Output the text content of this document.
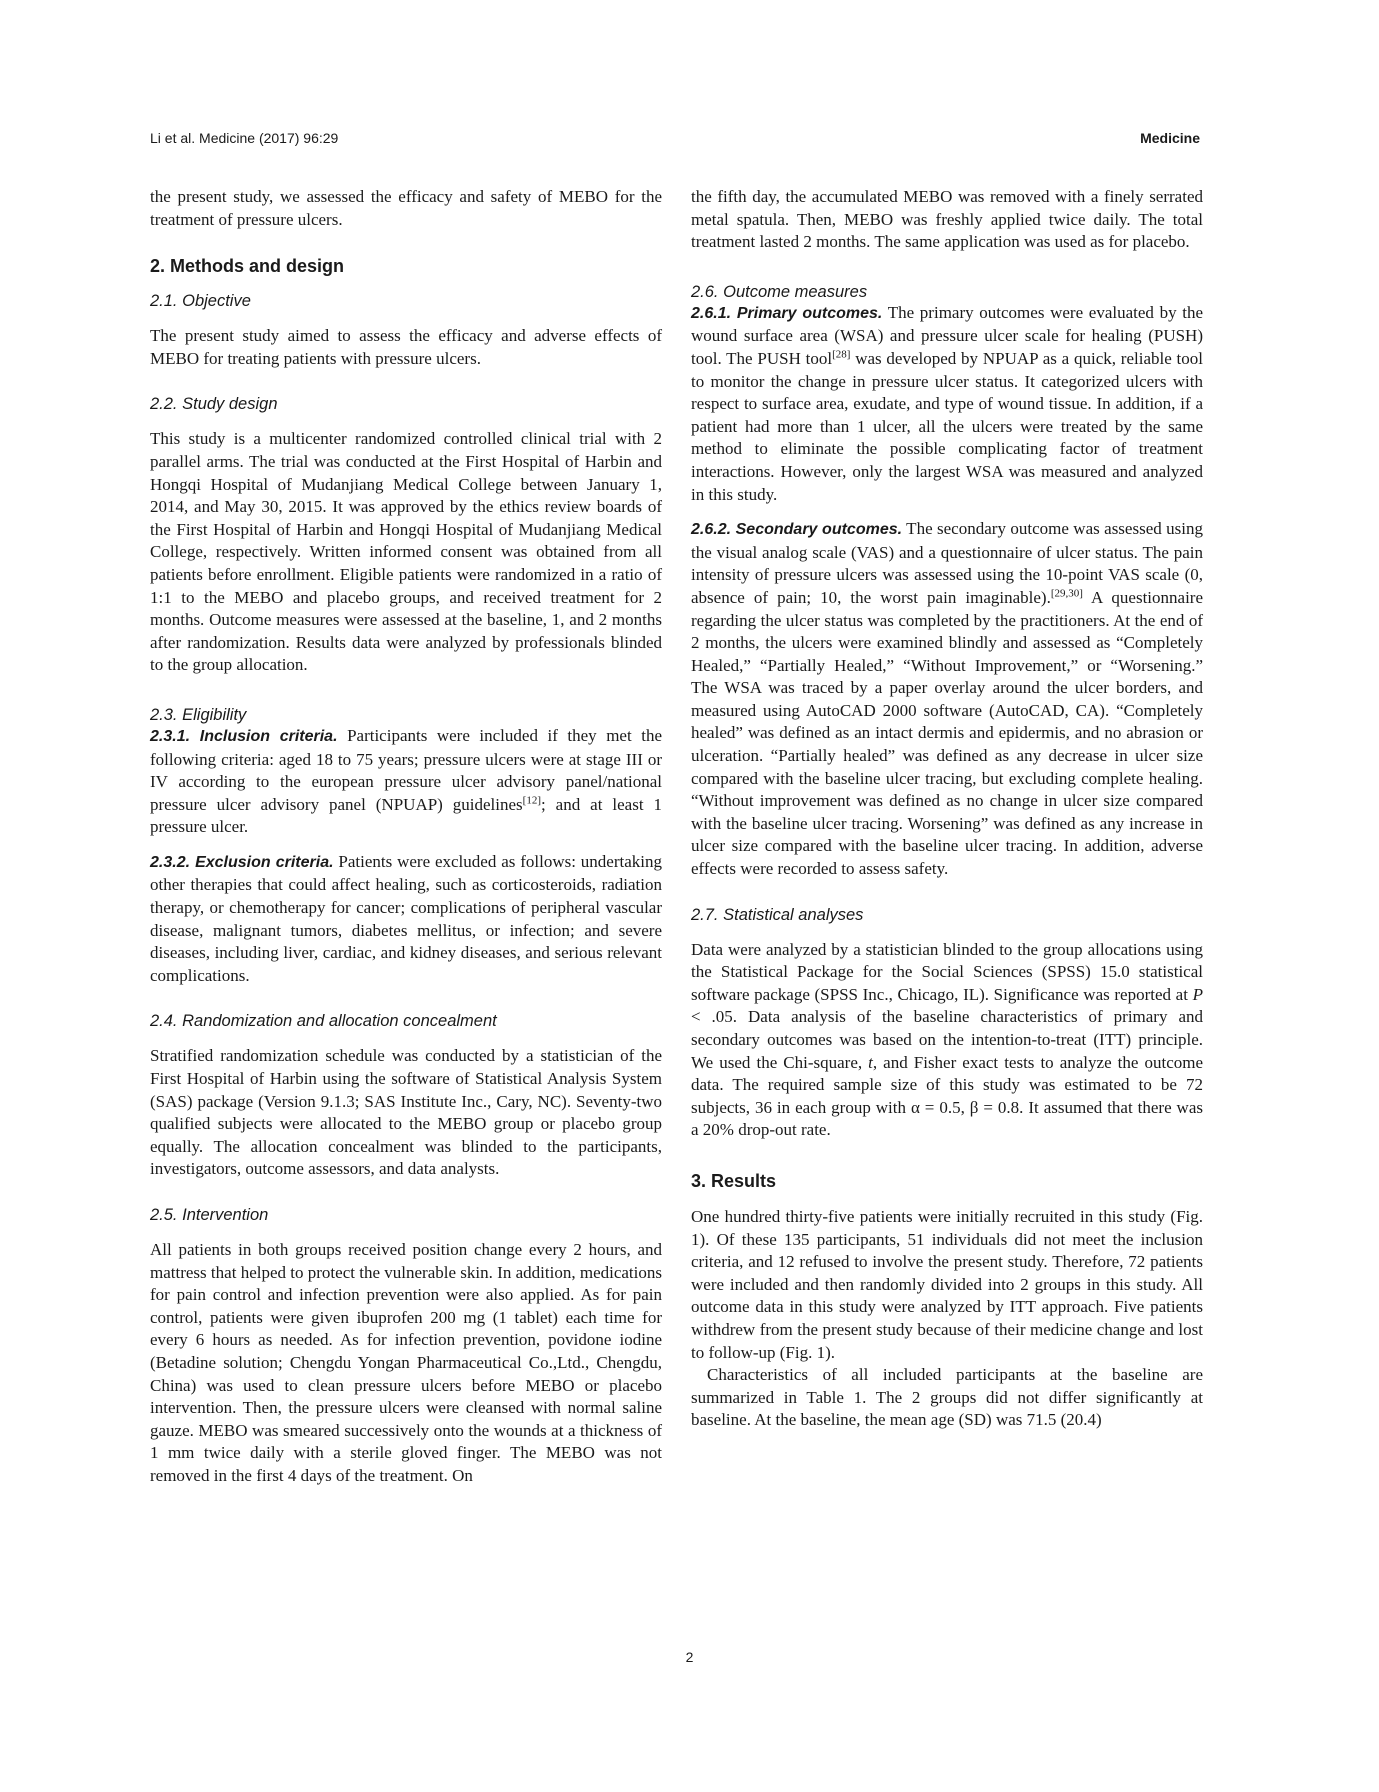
Li et al. Medicine (2017) 96:29	Medicine

the present study, we assessed the efficacy and safety of MEBO for the treatment of pressure ulcers.

2. Methods and design
2.1. Objective

The present study aimed to assess the efficacy and adverse effects of MEBO for treating patients with pressure ulcers.

2.2. Study design

This study is a multicenter randomized controlled clinical trial with 2 parallel arms. The trial was conducted at the First Hospital of Harbin and Hongqi Hospital of Mudanjiang Medical College between January 1, 2014, and May 30, 2015. It was approved by the ethics review boards of the First Hospital of Harbin and Hongqi Hospital of Mudanjiang Medical College, respectively. Written informed consent was obtained from all patients before enrollment. Eligible patients were randomized in a ratio of 1:1 to the MEBO and placebo groups, and received treatment for 2 months. Outcome measures were assessed at the baseline, 1, and 2 months after randomization. Results data were analyzed by professionals blinded to the group allocation.

2.3. Eligibility

2.3.1. Inclusion criteria. Participants were included if they met the following criteria: aged 18 to 75 years; pressure ulcers were at stage III or IV according to the european pressure ulcer advisory panel/national pressure ulcer advisory panel (NPUAP) guidelines[12]; and at least 1 pressure ulcer.

2.3.2. Exclusion criteria. Patients were excluded as follows: undertaking other therapies that could affect healing, such as corticosteroids, radiation therapy, or chemotherapy for cancer; complications of peripheral vascular disease, malignant tumors, diabetes mellitus, or infection; and severe diseases, including liver, cardiac, and kidney diseases, and serious relevant complications.

2.4. Randomization and allocation concealment

Stratified randomization schedule was conducted by a statistician of the First Hospital of Harbin using the software of Statistical Analysis System (SAS) package (Version 9.1.3; SAS Institute Inc., Cary, NC). Seventy-two qualified subjects were allocated to the MEBO group or placebo group equally. The allocation concealment was blinded to the participants, investigators, outcome assessors, and data analysts.

2.5. Intervention

All patients in both groups received position change every 2 hours, and mattress that helped to protect the vulnerable skin. In addition, medications for pain control and infection prevention were also applied. As for pain control, patients were given ibuprofen 200 mg (1 tablet) each time for every 6 hours as needed. As for infection prevention, povidone iodine (Betadine solution; Chengdu Yongan Pharmaceutical Co.,Ltd., Chengdu, China) was used to clean pressure ulcers before MEBO or placebo intervention. Then, the pressure ulcers were cleansed with normal saline gauze. MEBO was smeared successively onto the wounds at a thickness of 1 mm twice daily with a sterile gloved finger. The MEBO was not removed in the first 4 days of the treatment. On

the fifth day, the accumulated MEBO was removed with a finely serrated metal spatula. Then, MEBO was freshly applied twice daily. The total treatment lasted 2 months. The same application was used as for placebo.

2.6. Outcome measures

2.6.1. Primary outcomes. The primary outcomes were evaluated by the wound surface area (WSA) and pressure ulcer scale for healing (PUSH) tool. The PUSH tool[28] was developed by NPUAP as a quick, reliable tool to monitor the change in pressure ulcer status. It categorized ulcers with respect to surface area, exudate, and type of wound tissue. In addition, if a patient had more than 1 ulcer, all the ulcers were treated by the same method to eliminate the possible complicating factor of treatment interactions. However, only the largest WSA was measured and analyzed in this study.

2.6.2. Secondary outcomes. The secondary outcome was assessed using the visual analog scale (VAS) and a questionnaire of ulcer status. The pain intensity of pressure ulcers was assessed using the 10-point VAS scale (0, absence of pain; 10, the worst pain imaginable).[29,30] A questionnaire regarding the ulcer status was completed by the practitioners. At the end of 2 months, the ulcers were examined blindly and assessed as “Completely Healed,” “Partially Healed,” “Without Improvement,” or “Worsening.” The WSA was traced by a paper overlay around the ulcer borders, and measured using AutoCAD 2000 software (AutoCAD, CA). “Completely healed” was defined as an intact dermis and epidermis, and no abrasion or ulceration. “Partially healed” was defined as any decrease in ulcer size compared with the baseline ulcer tracing, but excluding complete healing. “Without improvement was defined as no change in ulcer size compared with the baseline ulcer tracing. Worsening” was defined as any increase in ulcer size compared with the baseline ulcer tracing. In addition, adverse effects were recorded to assess safety.

2.7. Statistical analyses

Data were analyzed by a statistician blinded to the group allocations using the Statistical Package for the Social Sciences (SPSS) 15.0 statistical software package (SPSS Inc., Chicago, IL). Significance was reported at P < .05. Data analysis of the baseline characteristics of primary and secondary outcomes was based on the intention-to-treat (ITT) principle. We used the Chi-square, t, and Fisher exact tests to analyze the outcome data. The required sample size of this study was estimated to be 72 subjects, 36 in each group with α = 0.5, β = 0.8. It assumed that there was a 20% drop-out rate.

3. Results

One hundred thirty-five patients were initially recruited in this study (Fig. 1). Of these 135 participants, 51 individuals did not meet the inclusion criteria, and 12 refused to involve the present study. Therefore, 72 patients were included and then randomly divided into 2 groups in this study. All outcome data in this study were analyzed by ITT approach. Five patients withdrew from the present study because of their medicine change and lost to follow-up (Fig. 1).

Characteristics of all included participants at the baseline are summarized in Table 1. The 2 groups did not differ significantly at baseline. At the baseline, the mean age (SD) was 71.5 (20.4)

2
